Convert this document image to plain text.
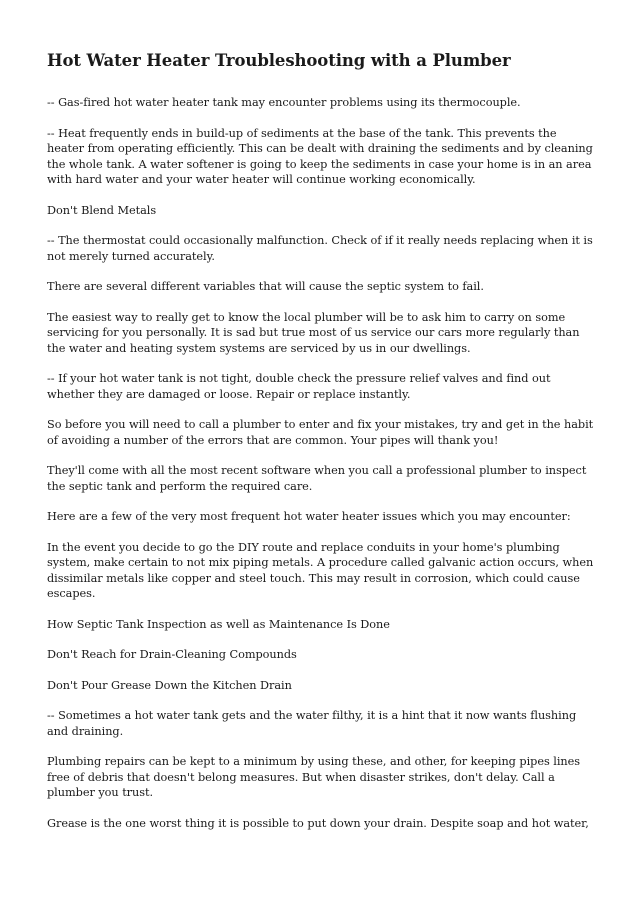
Hot Water Heater Troubleshooting with a Plumber

-- Gas-fired hot water heater tank may encounter problems using its thermocouple.

-- Heat frequently ends in build-up of sediments at the base of the tank. This prevents the heater from operating efficiently. This can be dealt with draining the sediments and by cleaning the whole tank. A water softener is going to keep the sediments in case your home is in an area with hard water and your water heater will continue working economically.

Don't Blend Metals

-- The thermostat could occasionally malfunction. Check of if it really needs replacing when it is not merely turned accurately.

There are several different variables that will cause the septic system to fail.

The easiest way to really get to know the local plumber will be to ask him to carry on some servicing for you personally. It is sad but true most of us service our cars more regularly than the water and heating system systems are serviced by us in our dwellings.

-- If your hot water tank is not tight, double check the pressure relief valves and find out whether they are damaged or loose. Repair or replace instantly.

So before you will need to call a plumber to enter and fix your mistakes, try and get in the habit of avoiding a number of the errors that are common. Your pipes will thank you!

They'll come with all the most recent software when you call a professional plumber to inspect the septic tank and perform the required care.

Here are a few of the very most frequent hot water heater issues which you may encounter:

In the event you decide to go the DIY route and replace conduits in your home's plumbing system, make certain to not mix piping metals. A procedure called galvanic action occurs, when dissimilar metals like copper and steel touch. This may result in corrosion, which could cause escapes.

How Septic Tank Inspection as well as Maintenance Is Done

Don't Reach for Drain-Cleaning Compounds

Don't Pour Grease Down the Kitchen Drain

-- Sometimes a hot water tank gets and the water filthy, it is a hint that it now wants flushing and draining.

Plumbing repairs can be kept to a minimum by using these, and other, for keeping pipes lines free of debris that doesn't belong measures. But when disaster strikes, don't delay. Call a plumber you trust.

Grease is the one worst thing it is possible to put down your drain. Despite soap and hot water,
